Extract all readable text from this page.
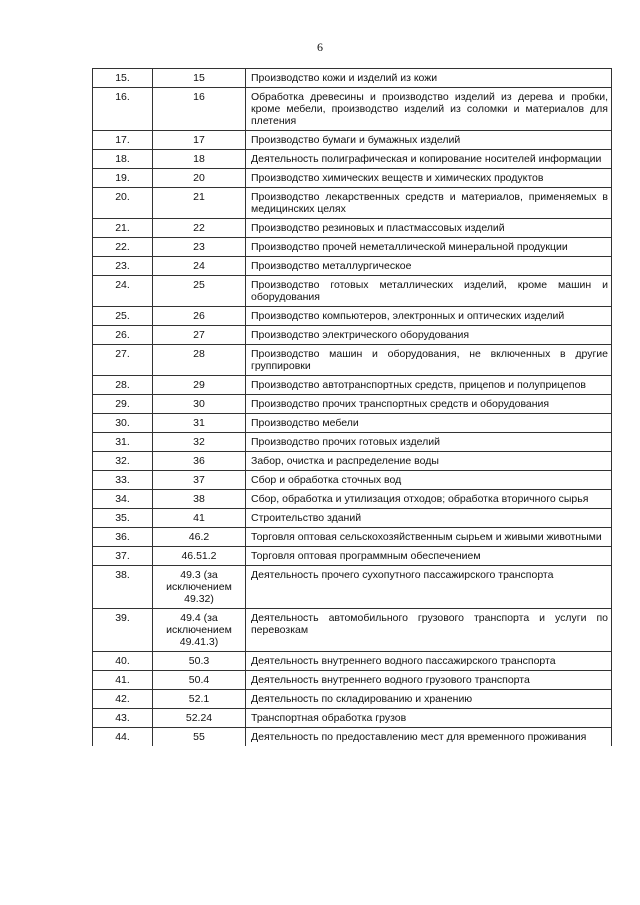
6
15.	15	Производство кожи и изделий из кожи
16.	16	Обработка древесины и производство изделий из дерева и пробки, кроме мебели, производство изделий из соломки и материалов для плетения
17.	17	Производство бумаги и бумажных изделий
18.	18	Деятельность полиграфическая и копирование носителей информации
19.	20	Производство химических веществ и химических продуктов
20.	21	Производство лекарственных средств и материалов, применяемых в медицинских целях
21.	22	Производство резиновых и пластмассовых изделий
22.	23	Производство прочей неметаллической минеральной продукции
23.	24	Производство металлургическое
24.	25	Производство готовых металлических изделий, кроме машин и оборудования
25.	26	Производство компьютеров, электронных и оптических изделий
26.	27	Производство электрического оборудования
27.	28	Производство машин и оборудования, не включенных в другие группировки
28.	29	Производство автотранспортных средств, прицепов и полуприцепов
29.	30	Производство прочих транспортных средств и оборудования
30.	31	Производство мебели
31.	32	Производство прочих готовых изделий
32.	36	Забор, очистка и распределение воды
33.	37	Сбор и обработка сточных вод
34.	38	Сбор, обработка и утилизация отходов; обработка вторичного сырья
35.	41	Строительство зданий
36.	46.2	Торговля оптовая сельскохозяйственным сырьем и живыми животными
37.	46.51.2	Торговля оптовая программным обеспечением
38.	49.3 (за исключением 49.32)	Деятельность прочего сухопутного пассажирского транспорта
39.	49.4 (за исключением 49.41.3)	Деятельность автомобильного грузового транспорта и услуги по перевозкам
40.	50.3	Деятельность внутреннего водного пассажирского транспорта
41.	50.4	Деятельность внутреннего водного грузового транспорта
42.	52.1	Деятельность по складированию и хранению
43.	52.24	Транспортная обработка грузов
44.	55	Деятельность по предоставлению мест для временного проживания
